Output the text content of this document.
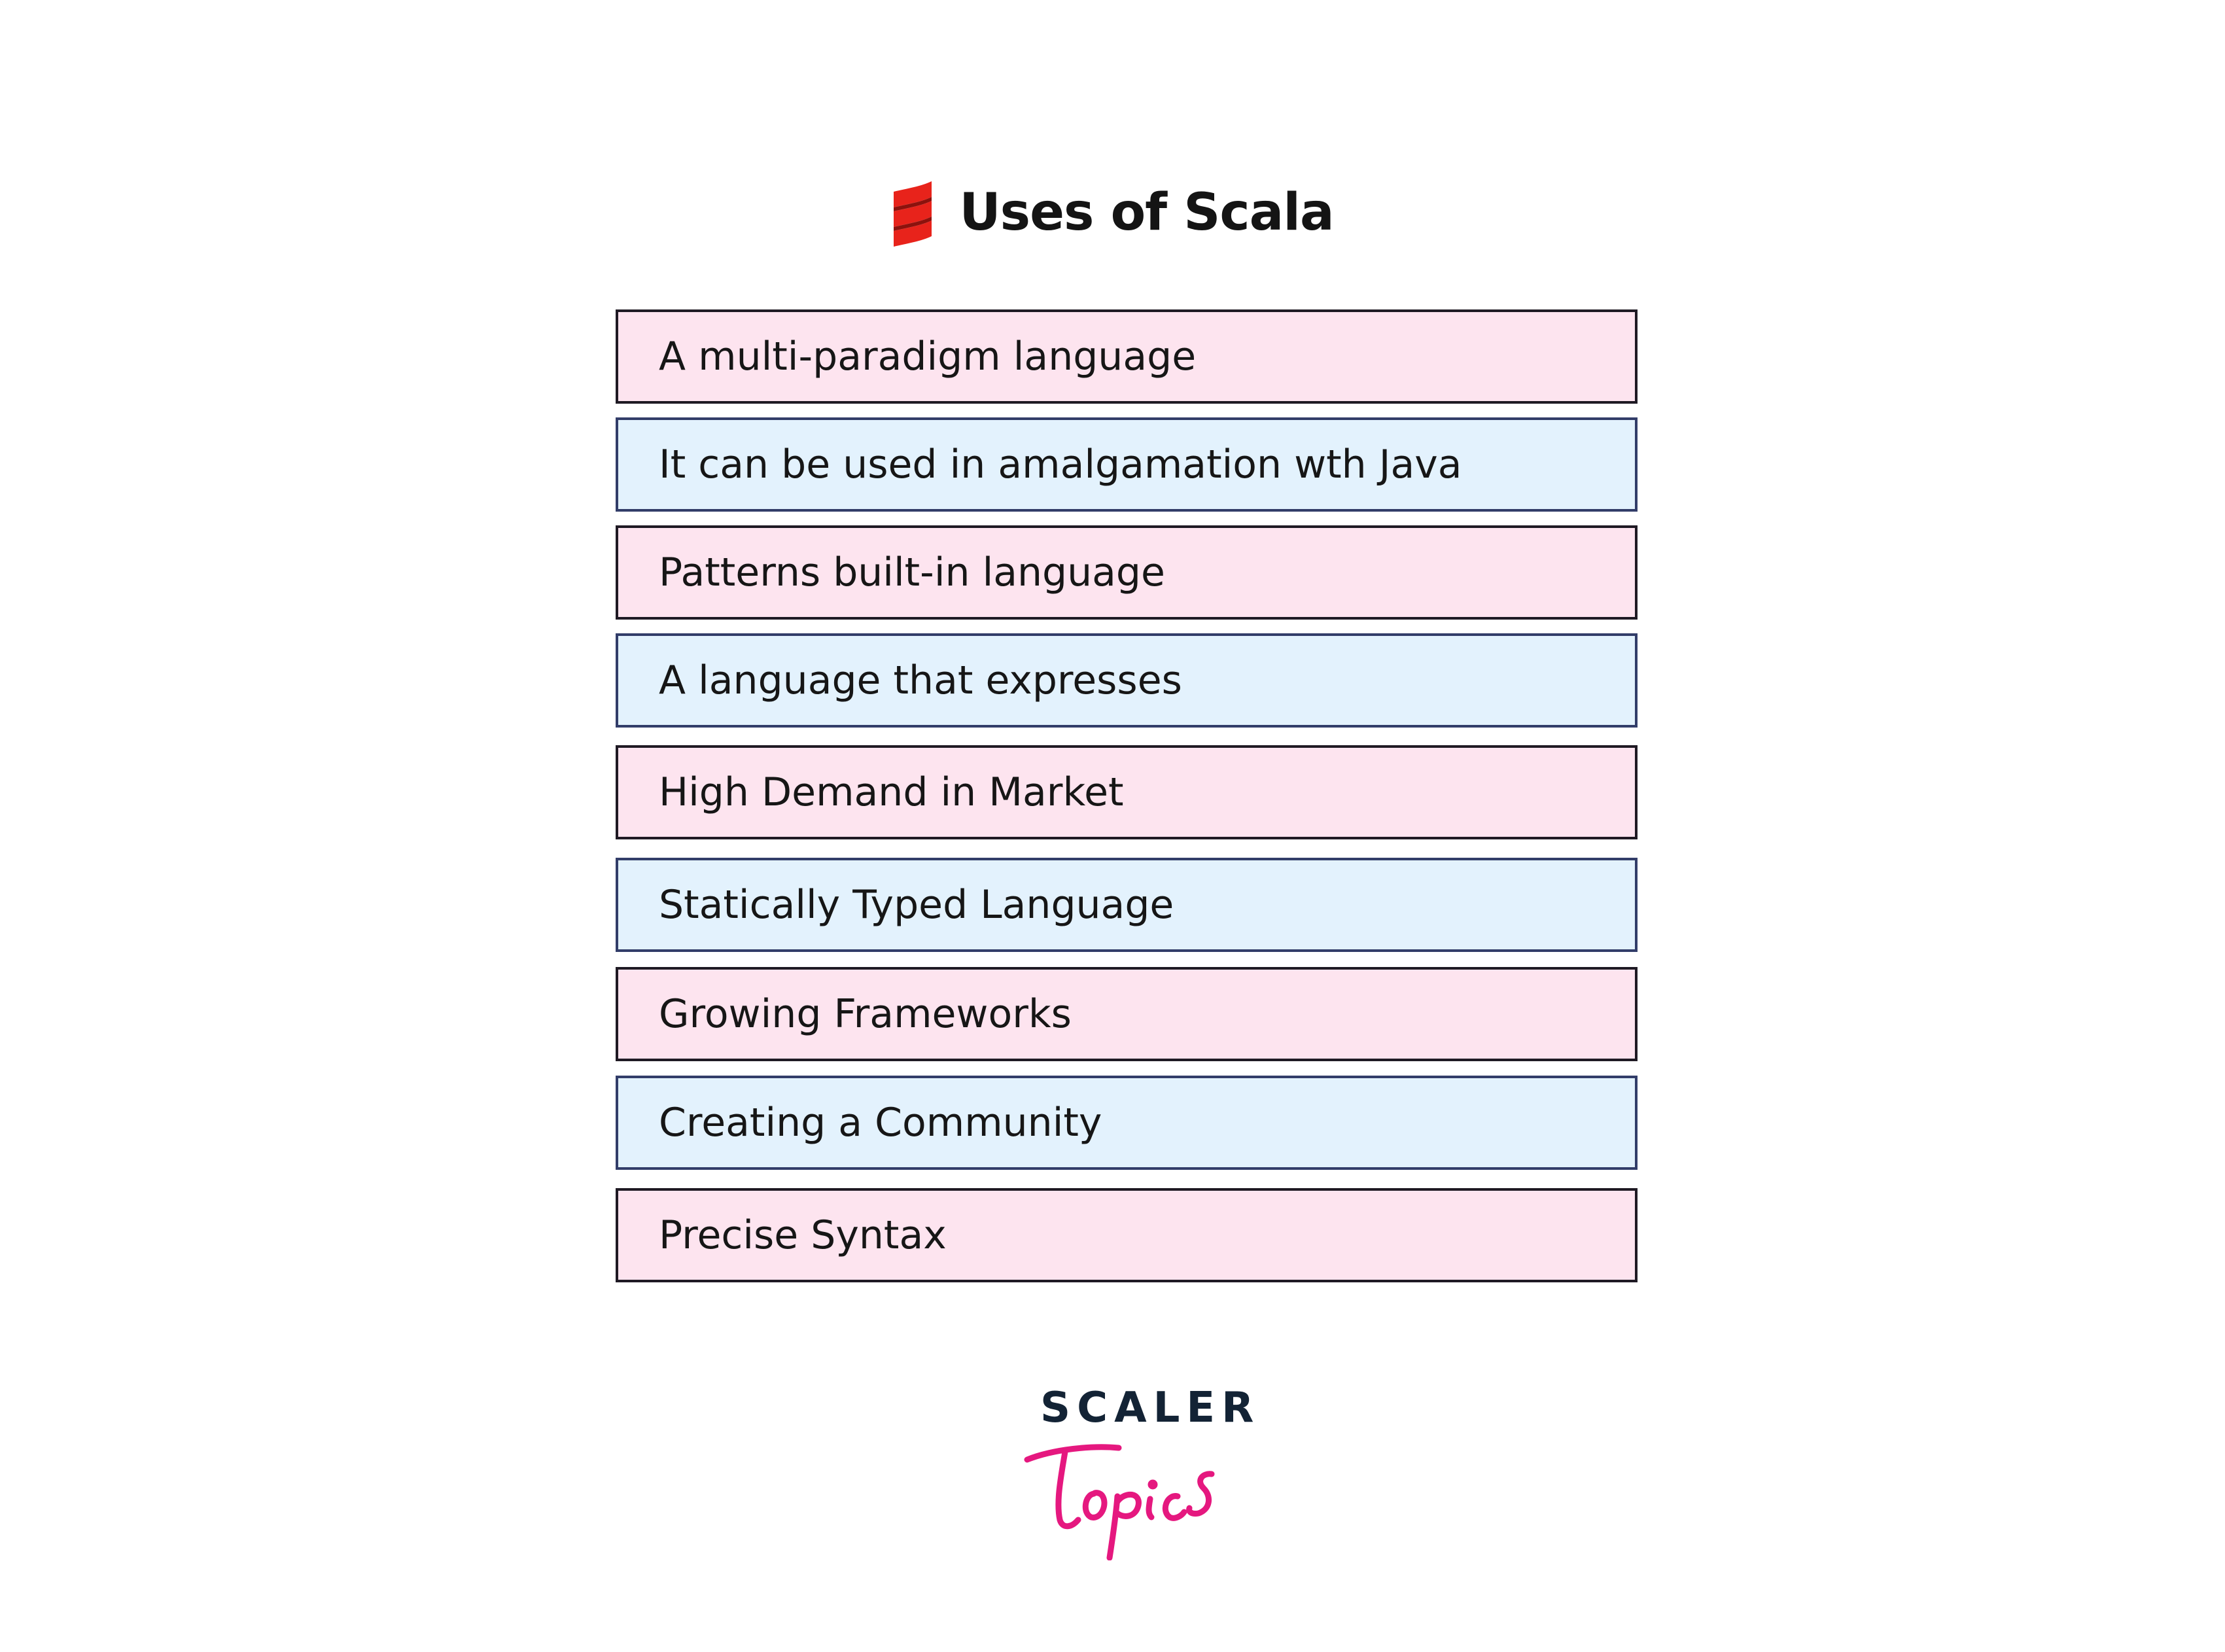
Uses of Scala
A multi-paradigm language
It can be used in amalgamation wth Java
Patterns built-in language
A language that expresses
High Demand in Market
Statically Typed Language
Growing Frameworks
Creating a Community
Precise Syntax
SCALER
